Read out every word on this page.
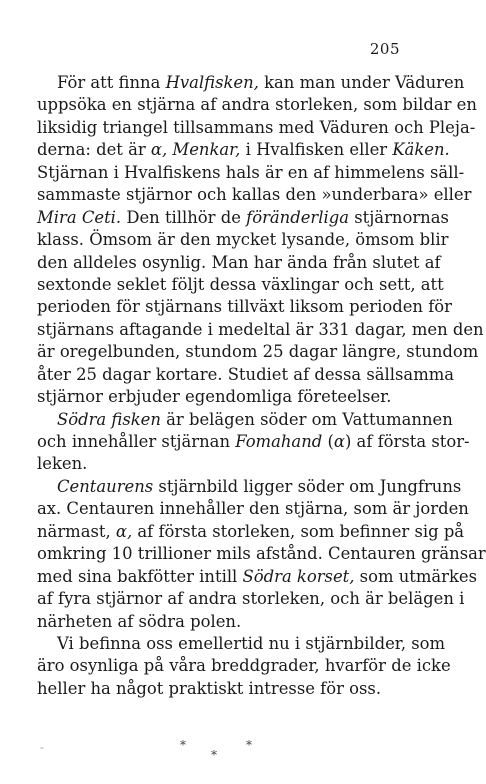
205
För att finna Hvalfisken, kan man under Väduren
uppsöka en stjärna af andra storleken, som bildar en
liksidig triangel tillsammans med Väduren och Pleja-
derna: det är α, Menkar, i Hvalfisken eller Käken.
Stjärnan i Hvalfiskens hals är en af himmelens säll-
sammaste stjärnor och kallas den »underbara» eller
Mira Ceti. Den tillhör de föränderliga stjärnornas
klass. Ömsom är den mycket lysande, ömsom blir
den alldeles osynlig. Man har ända från slutet af
sextonde seklet följt dessa växlingar och sett, att
perioden för stjärnans tillväxt liksom perioden för
stjärnans aftagande i medeltal är 331 dagar, men den
är oregelbunden, stundom 25 dagar längre, stundom
åter 25 dagar kortare. Studiet af dessa sällsamma
stjärnor erbjuder egendomliga företeelser.
Södra fisken är belägen söder om Vattumannen
och innehåller stjärnan Fomahand (α) af första stor-
leken.
Centaurens stjärnbild ligger söder om Jungfruns
ax. Centauren innehåller den stjärna, som är jorden
närmast, α, af första storleken, som befinner sig på
omkring 10 trillioner mils afstånd. Centauren gränsar
med sina bakfötter intill Södra korset, som utmärkes
af fyra stjärnor af andra storleken, och är belägen i
närheten af södra polen.
Vi befinna oss emellertid nu i stjärnbilder, som
äro osynliga på våra breddgrader, hvarför de icke
heller ha något praktiskt intresse för oss.
-	*	*
*
